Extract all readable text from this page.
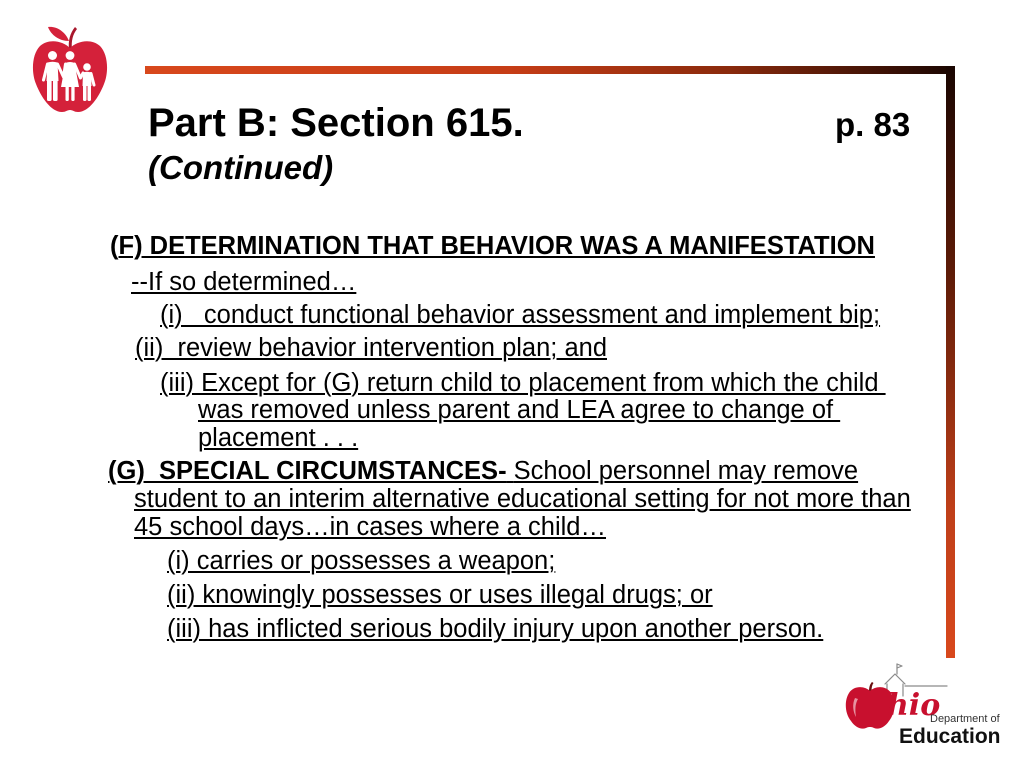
Part B: Section 615.	p. 83
(Continued)
(F) DETERMINATION THAT BEHAVIOR WAS A MANIFESTATION
--If so determined…
(i)   conduct functional behavior assessment and implement bip;
(ii)  review behavior intervention plan; and
(iii) Except for (G) return child to placement from which the child
was removed unless parent and LEA agree to change of
placement . . .
(G)  SPECIAL CIRCUMSTANCES- School personnel may remove
student to an interim alternative educational setting for not more than
45 school days…in cases where a child…
(i) carries or possesses a weapon;
(ii) knowingly possesses or uses illegal drugs; or
(iii) has inflicted serious bodily injury upon another person.
hio
Department of
Education
